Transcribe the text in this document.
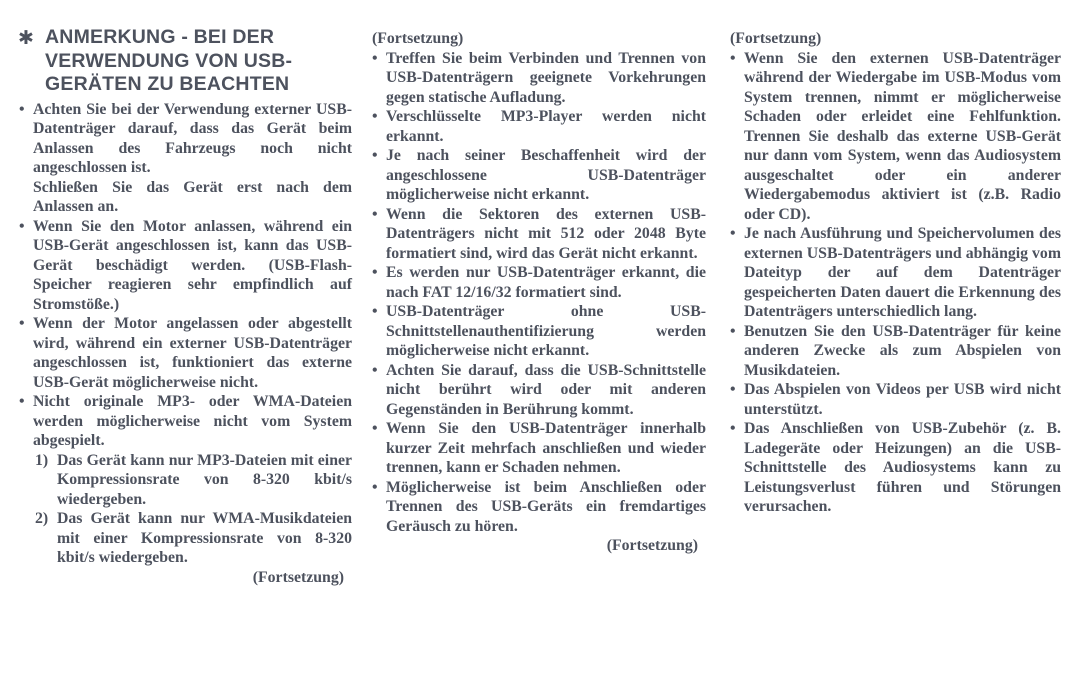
✱ ANMERKUNG - BEI DER
VERWENDUNG VON USB-
GERÄTEN ZU BEACHTEN
• Achten Sie bei der Verwendung externer USB-Datenträger darauf, dass das Gerät beim Anlassen des Fahrzeugs noch nicht angeschlossen ist.
Schließen Sie das Gerät erst nach dem Anlassen an.
• Wenn Sie den Motor anlassen, während ein USB-Gerät angeschlossen ist, kann das USB-Gerät beschädigt werden. (USB-Flash-Speicher reagieren sehr empfindlich auf Stromstöße.)
• Wenn der Motor angelassen oder abgestellt wird, während ein externer USB-Datenträger angeschlossen ist, funktioniert das externe USB-Gerät möglicherweise nicht.
• Nicht originale MP3- oder WMA-Dateien werden möglicherweise nicht vom System abgespielt.
1) Das Gerät kann nur MP3-Dateien mit einer Kompressionsrate von 8-320 kbit/s wiedergeben.
2) Das Gerät kann nur WMA-Musikdateien mit einer Kompressionsrate von 8-320 kbit/s wiedergeben.
(Fortsetzung)
(Fortsetzung)
• Treffen Sie beim Verbinden und Trennen von USB-Datenträgern geeignete Vorkehrungen gegen statische Aufladung.
• Verschlüsselte MP3-Player werden nicht erkannt.
• Je nach seiner Beschaffenheit wird der angeschlossene USB-Datenträger möglicherweise nicht erkannt.
• Wenn die Sektoren des externen USB-Datenträgers nicht mit 512 oder 2048 Byte formatiert sind, wird das Gerät nicht erkannt.
• Es werden nur USB-Datenträger erkannt, die nach FAT 12/16/32 formatiert sind.
• USB-Datenträger ohne USB-Schnittstellenauthentifizierung werden möglicherweise nicht erkannt.
• Achten Sie darauf, dass die USB-Schnittstelle nicht berührt wird oder mit anderen Gegenständen in Berührung kommt.
• Wenn Sie den USB-Datenträger innerhalb kurzer Zeit mehrfach anschließen und wieder trennen, kann er Schaden nehmen.
• Möglicherweise ist beim Anschließen oder Trennen des USB-Geräts ein fremdartiges Geräusch zu hören.
(Fortsetzung)
(Fortsetzung)
• Wenn Sie den externen USB-Datenträger während der Wiedergabe im USB-Modus vom System trennen, nimmt er möglicherweise Schaden oder erleidet eine Fehlfunktion. Trennen Sie deshalb das externe USB-Gerät nur dann vom System, wenn das Audiosystem ausgeschaltet oder ein anderer Wiedergabemodus aktiviert ist (z.B. Radio oder CD).
• Je nach Ausführung und Speichervolumen des externen USB-Datenträgers und abhängig vom Dateityp der auf dem Datenträger gespeicherten Daten dauert die Erkennung des Datenträgers unterschiedlich lang.
• Benutzen Sie den USB-Datenträger für keine anderen Zwecke als zum Abspielen von Musikdateien.
• Das Abspielen von Videos per USB wird nicht unterstützt.
• Das Anschließen von USB-Zubehör (z. B. Ladegeräte oder Heizungen) an die USB-Schnittstelle des Audiosystems kann zu Leistungsverlust führen und Störungen verursachen.
